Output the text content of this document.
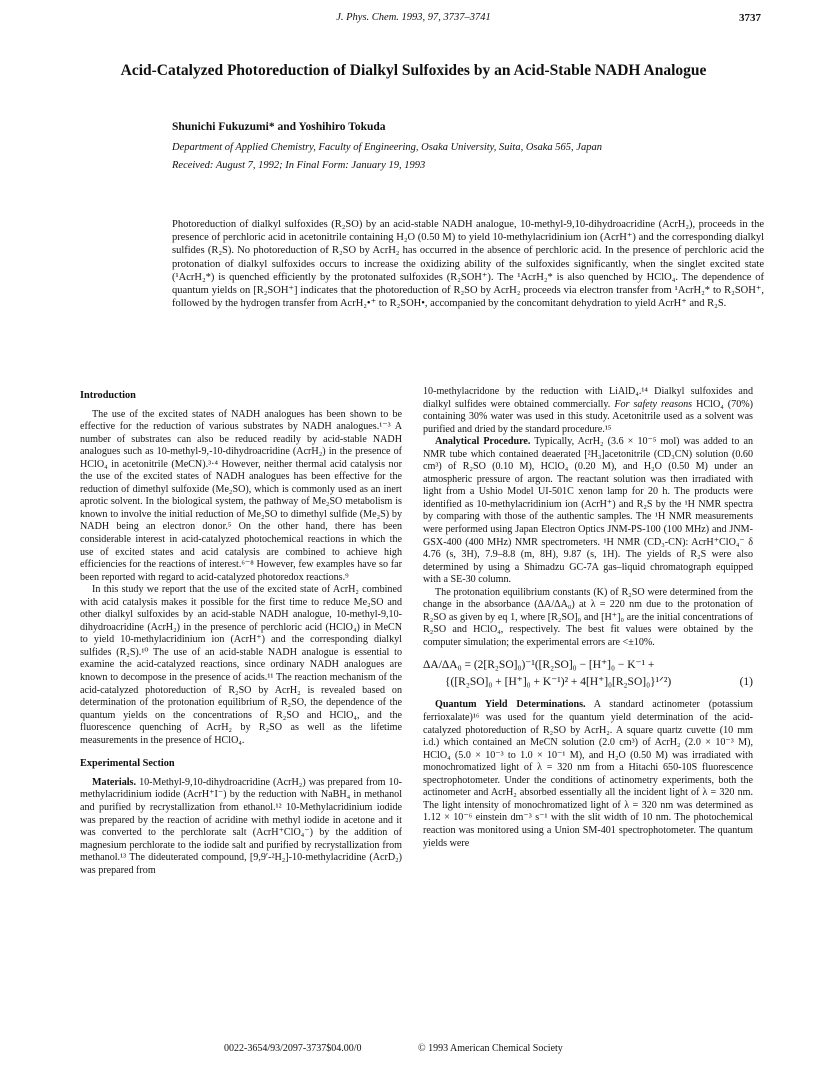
J. Phys. Chem. 1993, 97, 3737–3741	3737
Acid-Catalyzed Photoreduction of Dialkyl Sulfoxides by an Acid-Stable NADH Analogue
Shunichi Fukuzumi* and Yoshihiro Tokuda
Department of Applied Chemistry, Faculty of Engineering, Osaka University, Suita, Osaka 565, Japan
Received: August 7, 1992; In Final Form: January 19, 1993
Photoreduction of dialkyl sulfoxides (R₂SO) by an acid-stable NADH analogue, 10-methyl-9,10-dihydroacridine (AcrH₂), proceeds in the presence of perchloric acid in acetonitrile containing H₂O (0.50 M) to yield 10-methylacridinium ion (AcrH⁺) and the corresponding dialkyl sulfides (R₂S). No photoreduction of R₂SO by AcrH₂ has occurred in the absence of perchloric acid. In the presence of perchloric acid the protonation of dialkyl sulfoxides occurs to increase the oxidizing ability of the sulfoxides significantly, when the singlet excited state (¹AcrH₂*) is quenched efficiently by the protonated sulfoxides (R₂SOH⁺). The ¹AcrH₂* is also quenched by HClO₄. The dependence of quantum yields on [R₂SOH⁺] indicates that the photoreduction of R₂SO by AcrH₂ proceeds via electron transfer from ¹AcrH₂* to R₂SOH⁺, followed by the hydrogen transfer from AcrH₂•⁺ to R₂SOH•, accompanied by the concomitant dehydration to yield AcrH⁺ and R₂S.
Introduction

The use of the excited states of NADH analogues has been shown to be effective for the reduction of various substrates by NADH analogues.¹⁻³ A number of substrates can also be reduced readily by acid-stable NADH analogues such as 10-methyl-9,-10-dihydroacridine (AcrH₂) in the presence of HClO₄ in acetonitrile (MeCN).³·⁴ However, neither thermal acid catalysis nor the use of the excited states of NADH analogues has been effective for the reduction of dimethyl sulfoxide (Me₂SO), which is commonly used as an inert aprotic solvent. In the biological system, the pathway of Me₂SO metabolism is known to involve the initial reduction of Me₂SO to dimethyl sulfide (Me₂S) by NADH being an electron donor.⁵ On the other hand, there has been considerable interest in acid-catalyzed photochemical reactions in which the use of excited states and acid catalysis are combined to achieve high efficiencies for the reactions of interest.⁶⁻⁸ However, few examples have so far been reported with regard to acid-catalyzed photoredox reactions.⁹

In this study we report that the use of the excited state of AcrH₂ combined with acid catalysis makes it possible for the first time to reduce Me₂SO and other dialkyl sulfoxides by an acid-stable NADH analogue, 10-methyl-9,10-dihydroacridine (AcrH₂) in the presence of perchloric acid (HClO₄) in MeCN to yield 10-methylacridinium ion (AcrH⁺) and the corresponding dialkyl sulfides (R₂S).¹⁰ The use of an acid-stable NADH analogue is essential to examine the acid-catalyzed reactions, since ordinary NADH analogues are known to decompose in the presence of acids.¹¹ The reaction mechanism of the acid-catalyzed photoreduction of R₂SO by AcrH₂ is revealed based on determination of the protonation equilibrium of R₂SO, the dependence of the quantum yields on the concentrations of R₂SO and HClO₄, and the fluorescence quenching of AcrH₂ by R₂SO as well as the lifetime measurements in the presence of HClO₄.

Experimental Section

Materials. 10-Methyl-9,10-dihydroacridine (AcrH₂) was prepared from 10-methylacridinium iodide (AcrH⁺I⁻) by the reduction with NaBH₄ in methanol and purified by recrystallization from ethanol.¹² 10-Methylacridinium iodide was prepared by the reaction of acridine with methyl iodide in acetone and it was converted to the perchlorate salt (AcrH⁺ClO₄⁻) by the addition of magnesium perchlorate to the iodide salt and purified by recrystallization from methanol.¹³ The dideuterated compound, [9,9′-²H₂]-10-methylacridine (AcrD₂) was prepared from

10-methylacridone by the reduction with LiAlD₄.¹⁴ Dialkyl sulfoxides and dialkyl sulfides were obtained commercially. For safety reasons HClO₄ (70%) containing 30% water was used in this study. Acetonitrile used as a solvent was purified and dried by the standard procedure.¹⁵

Analytical Procedure. Typically, AcrH₂ (3.6 × 10⁻⁵ mol) was added to an NMR tube which contained deaerated [²H₃]acetonitrile (CD₃CN) solution (0.60 cm³) of R₂SO (0.10 M), HClO₄ (0.20 M), and H₂O (0.50 M) under an atmospheric pressure of argon. The reactant solution was then irradiated with light from a Ushio Model UI-501C xenon lamp for 20 h. The products were identified as 10-methylacridinium ion (AcrH⁺) and R₂S by the ¹H NMR spectra by comparing with those of the authentic samples. The ¹H NMR measurements were performed using Japan Electron Optics JNM-PS-100 (100 MHz) and JNM-GSX-400 (400 MHz) NMR spectrometers. ¹H NMR (CD₃-CN): AcrH⁺ClO₄⁻ δ 4.76 (s, 3H), 7.9–8.8 (m, 8H), 9.87 (s, 1H). The yields of R₂S were also determined by using a Shimadzu GC-7A gas–liquid chromatograph equipped with a SE-30 column.

The protonation equilibrium constants (K) of R₂SO were determined from the change in the absorbance (ΔA/ΔA₀) at λ = 220 nm due to the protonation of R₂SO as given by eq 1, where [R₂SO]₀ and [H⁺]₀ are the initial concentrations of R₂SO and HClO₄, respectively. The best fit values were obtained by the computer simulation; the experimental errors are <±10%.

ΔA/ΔA₀ = (2[R₂SO]₀)⁻¹([R₂SO]₀ − [H⁺]₀ − K⁻¹ +
{([R₂SO]₀ + [H⁺]₀ + K⁻¹)² + 4[H⁺]₀[R₂SO]₀}¹ᐟ²)	(1)

Quantum Yield Determinations. A standard actinometer (potassium ferrioxalate)¹⁶ was used for the quantum yield determination of the acid-catalyzed photoreduction of R₂SO by AcrH₂. A square quartz cuvette (10 mm i.d.) which contained an MeCN solution (2.0 cm³) of AcrH₂ (2.0 × 10⁻³ M), HClO₄ (5.0 × 10⁻³ to 1.0 × 10⁻¹ M), and H₂O (0.50 M) was irradiated with monochromatized light of λ = 320 nm from a Hitachi 650-10S fluorescence spectrophotometer. Under the conditions of actinometry experiments, both the actinometer and AcrH₂ absorbed essentially all the incident light of λ = 320 nm. The light intensity of monochromatized light of λ = 320 nm was determined as 1.12 × 10⁻⁶ einstein dm⁻³ s⁻¹ with the slit width of 10 nm. The photochemical reaction was monitored using a Union SM-401 spectrophotometer. The quantum yields were

0022-3654/93/2097-3737$04.00/0	© 1993 American Chemical Society
